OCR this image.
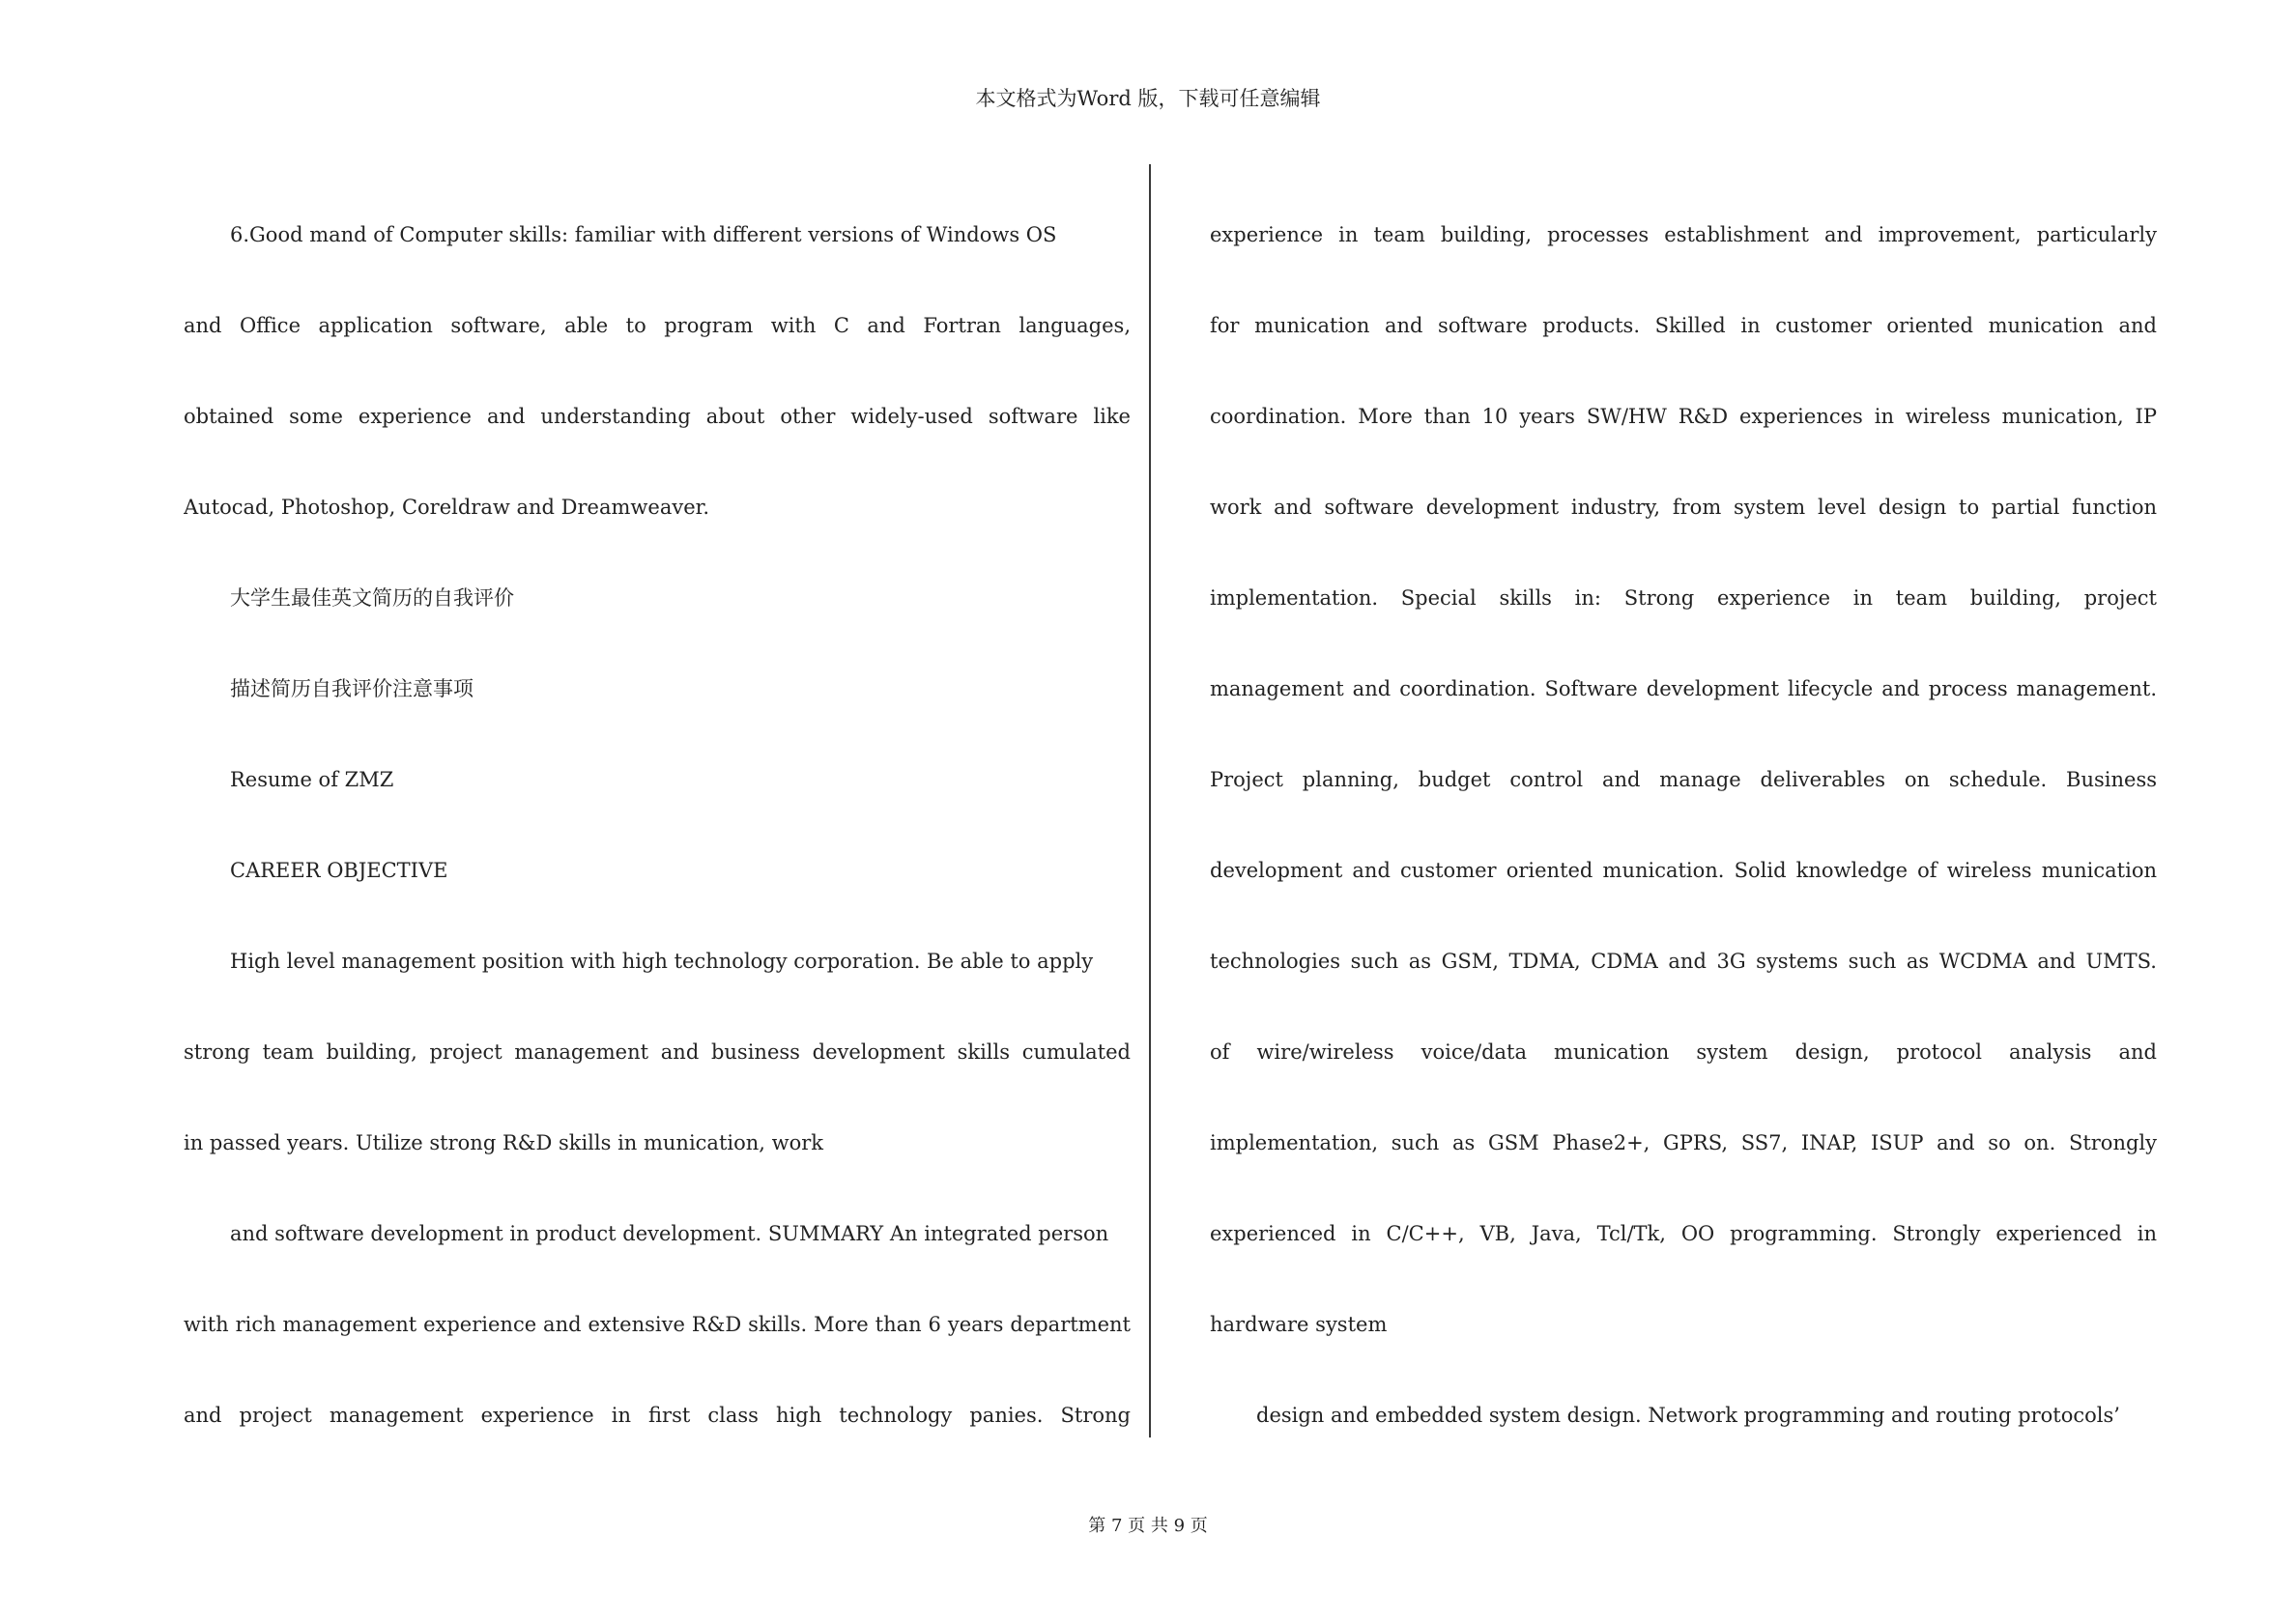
本文格式为Word 版，下载可任意编辑
6.Good mand of Computer skills: familiar with different versions of Windows OS
and Office application software, able to program with C and Fortran languages,
obtained some experience and understanding about other widely-used software like
Autocad, Photoshop, Coreldraw and Dreamweaver.
大学生最佳英文简历的自我评价
描述简历自我评价注意事项
Resume of ZMZ
CAREER OBJECTIVE
High level management position with high technology corporation. Be able to apply
strong team building, project management and business development skills cumulated
in passed years. Utilize strong R&D skills in munication, work
and software development in product development. SUMMARY An integrated person
with rich management experience and extensive R&D skills. More than 6 years department
and project management experience in first class high technology panies. Strong
experience in team building, processes establishment and improvement, particularly
for munication and software products. Skilled in customer oriented munication and
coordination. More than 10 years SW/HW R&D experiences in wireless munication, IP
work and software development industry, from system level design to partial function
implementation. Special skills in: Strong experience in team building, project
management and coordination. Software development lifecycle and process management.
Project planning, budget control and manage deliverables on schedule. Business
development and customer oriented munication. Solid knowledge of wireless munication
technologies such as GSM, TDMA, CDMA and 3G systems such as WCDMA and UMTS.
of wire/wireless voice/data munication system design, protocol analysis and
implementation, such as GSM Phase2+, GPRS, SS7, INAP, ISUP and so on. Strongly
experienced in C/C++, VB, Java, Tcl/Tk, OO programming. Strongly experienced in
hardware system
design and embedded system design. Network programming and routing protocols’
第 7 页 共 9 页
